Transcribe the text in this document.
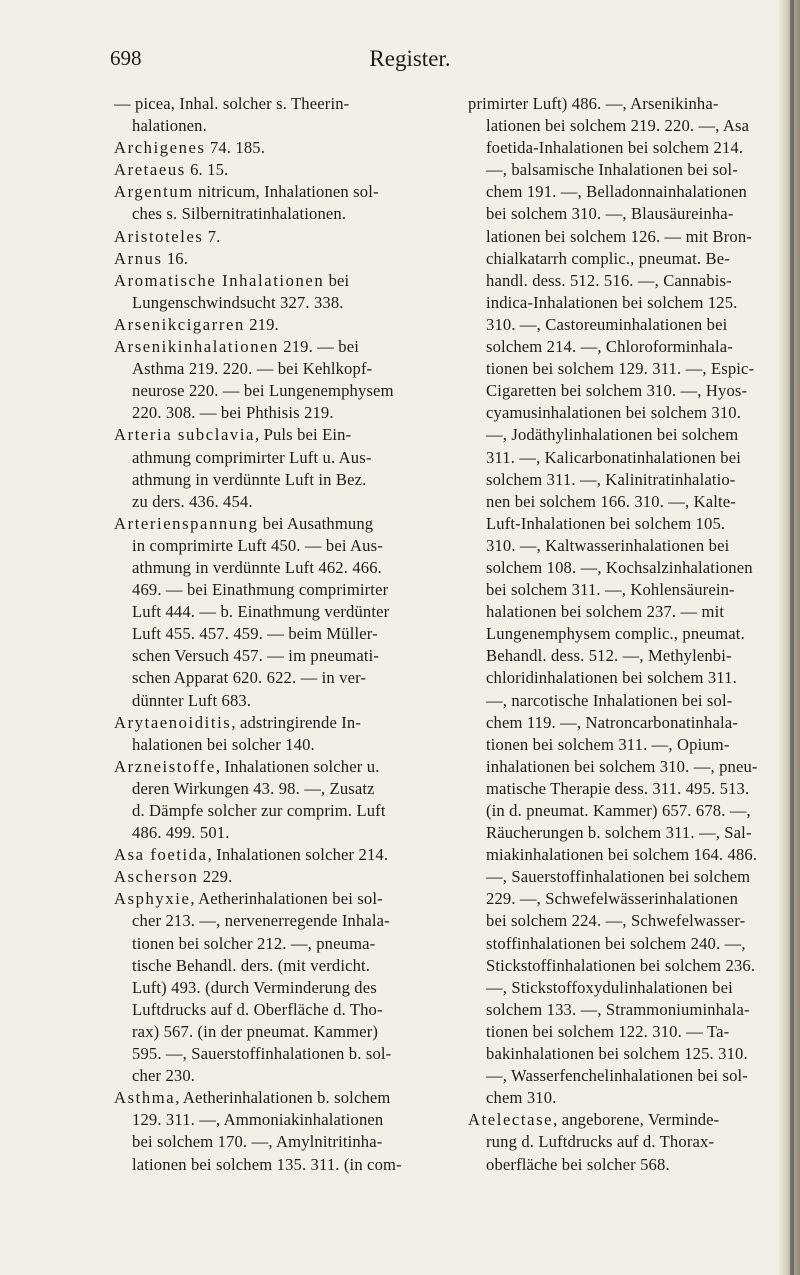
698	Register.
— picea, Inhal. solcher s. Theerin-
halationen.
Archigenes 74. 185.
Aretaeus 6. 15.
Argentum nitricum, Inhalationen sol-
ches s. Silbernitratinhalationen.
Aristoteles 7.
Arnus 16.
Aromatische Inhalationen bei
Lungenschwindsucht 327. 338.
Arsenikcigarren 219.
Arsenikinhalationen 219. — bei
Asthma 219. 220. — bei Kehlkopf-
neurose 220. — bei Lungenemphysem
220. 308. — bei Phthisis 219.
Arteria subclavia, Puls bei Ein-
athmung comprimirter Luft u. Aus-
athmung in verdünnte Luft in Bez.
zu ders. 436. 454.
Arterienspannung bei Ausathmung
in comprimirte Luft 450. — bei Aus-
athmung in verdünnte Luft 462. 466.
469. — bei Einathmung comprimirter
Luft 444. — b. Einathmung verdünter
Luft 455. 457. 459. — beim Müller-
schen Versuch 457. — im pneumati-
schen Apparat 620. 622. — in ver-
dünnter Luft 683.
Arytaenoiditis, adstringirende In-
halationen bei solcher 140.
Arzneistoffe, Inhalationen solcher u.
deren Wirkungen 43. 98. —, Zusatz
d. Dämpfe solcher zur comprim. Luft
486. 499. 501.
Asa foetida, Inhalationen solcher 214.
Ascherson 229.
Asphyxie, Aetherinhalationen bei sol-
cher 213. —, nervenerregende Inhala-
tionen bei solcher 212. —, pneuma-
tische Behandl. ders. (mit verdicht.
Luft) 493. (durch Verminderung des
Luftdrucks auf d. Oberfläche d. Tho-
rax) 567. (in der pneumat. Kammer)
595. —, Sauerstoffinhalationen b. sol-
cher 230.
Asthma, Aetherinhalationen b. solchem
129. 311. —, Ammoniakinhalationen
bei solchem 170. —, Amylnitritinha-
lationen bei solchem 135. 311. (in com-
primirter Luft) 486. —, Arsenikinha-
lationen bei solchem 219. 220. —, Asa
foetida-Inhalationen bei solchem 214.
—, balsamische Inhalationen bei sol-
chem 191. —, Belladonnainhalationen
bei solchem 310. —, Blausäureinha-
lationen bei solchem 126. — mit Bron-
chialkatarrh complic., pneumat. Be-
handl. dess. 512. 516. —, Cannabis-
indica-Inhalationen bei solchem 125.
310. —, Castoreuminhalationen bei
solchem 214. —, Chloroforminhala-
tionen bei solchem 129. 311. —, Espic-
Cigaretten bei solchem 310. —, Hyos-
cyamusinhalationen bei solchem 310.
—, Jodäthylinhalationen bei solchem
311. —, Kalicarbonatinhalationen bei
solchem 311. —, Kalinitratinhalatio-
nen bei solchem 166. 310. —, Kalte-
Luft-Inhalationen bei solchem 105.
310. —, Kaltwasserinhalationen bei
solchem 108. —, Kochsalzinhalationen
bei solchem 311. —, Kohlensäurein-
halationen bei solchem 237. — mit
Lungenemphysem complic., pneumat.
Behandl. dess. 512. —, Methylenbi-
chloridinhalationen bei solchem 311.
—, narcotische Inhalationen bei sol-
chem 119. —, Natroncarbonatinhala-
tionen bei solchem 311. —, Opium-
inhalationen bei solchem 310. —, pneu-
matische Therapie dess. 311. 495. 513.
(in d. pneumat. Kammer) 657. 678. —,
Räucherungen b. solchem 311. —, Sal-
miakinhalationen bei solchem 164. 486.
—, Sauerstoffinhalationen bei solchem
229. —, Schwefelwässerinhalationen
bei solchem 224. —, Schwefelwasser-
stoffinhalationen bei solchem 240. —,
Stickstoffinhalationen bei solchem 236.
—, Stickstoffoxydulinhalationen bei
solchem 133. —, Strammoniuminhala-
tionen bei solchem 122. 310. — Ta-
bakinhalationen bei solchem 125. 310.
—, Wasserfenchelinhalationen bei sol-
chem 310.
Atelectase, angeborene, Verminde-
rung d. Luftdrucks auf d. Thorax-
oberfläche bei solcher 568.
